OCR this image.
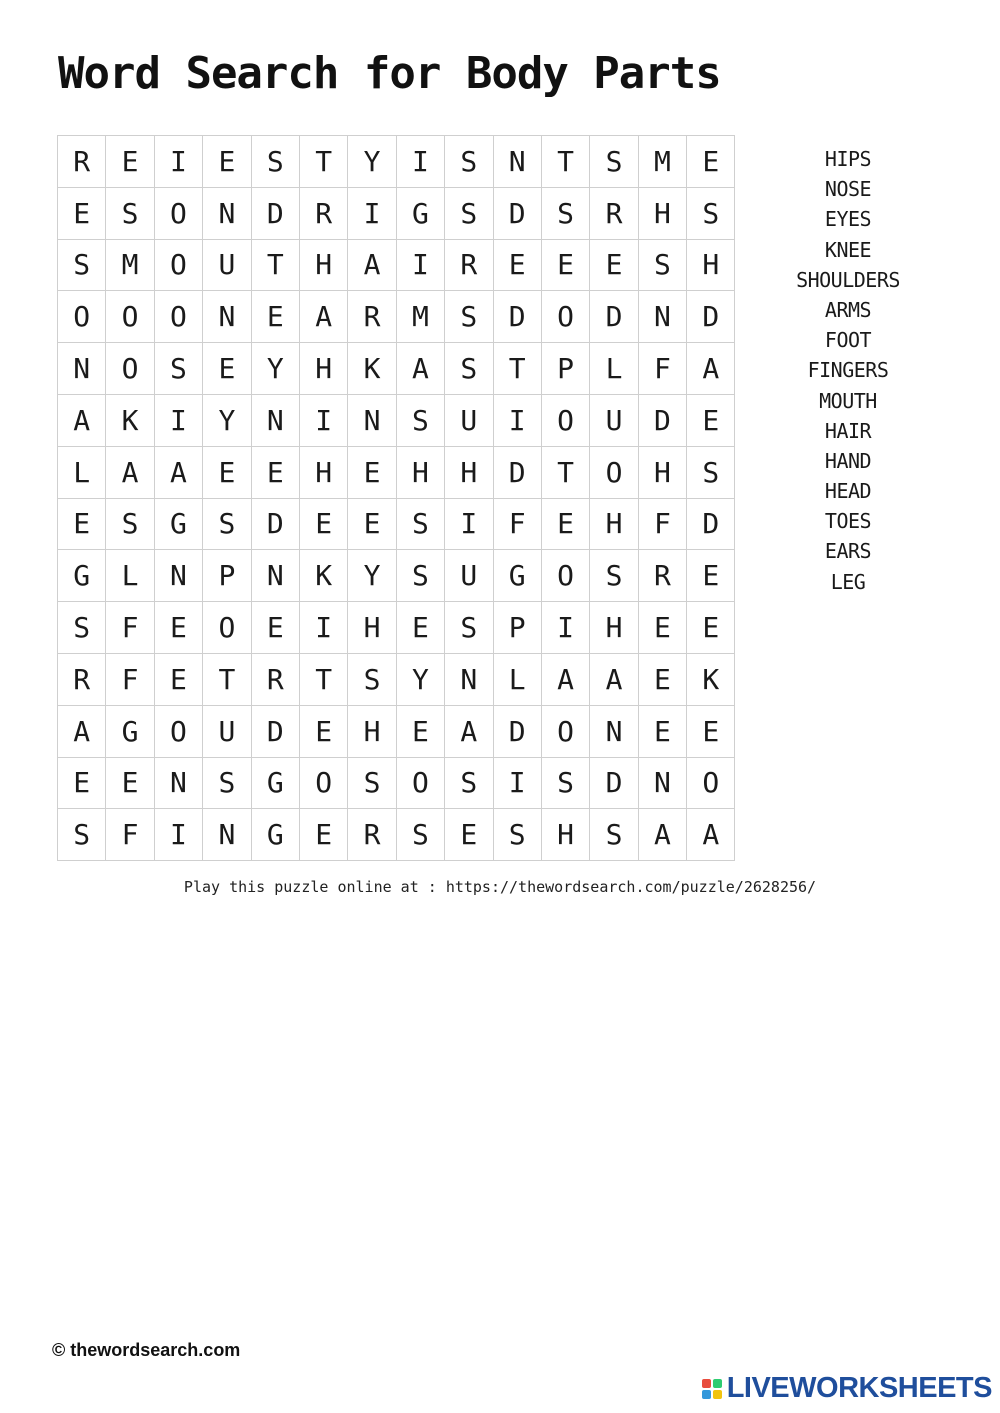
Word Search for Body Parts
R	E	I	E	S	T	Y	I	S	N	T	S	M	E
E	S	O	N	D	R	I	G	S	D	S	R	H	S
S	M	O	U	T	H	A	I	R	E	E	E	S	H
O	O	O	N	E	A	R	M	S	D	O	D	N	D
N	O	S	E	Y	H	K	A	S	T	P	L	F	A
A	K	I	Y	N	I	N	S	U	I	O	U	D	E
L	A	A	E	E	H	E	H	H	D	T	O	H	S
E	S	G	S	D	E	E	S	I	F	E	H	F	D
G	L	N	P	N	K	Y	S	U	G	O	S	R	E
S	F	E	O	E	I	H	E	S	P	I	H	E	E
R	F	E	T	R	T	S	Y	N	L	A	A	E	K
A	G	O	U	D	E	H	E	A	D	O	N	E	E
E	E	N	S	G	O	S	O	S	I	S	D	N	O
S	F	I	N	G	E	R	S	E	S	H	S	A	A
HIPS
NOSE
EYES
KNEE
SHOULDERS
ARMS
FOOT
FINGERS
MOUTH
HAIR
HAND
HEAD
TOES
EARS
LEG
Play this puzzle online at : https://thewordsearch.com/puzzle/2628256/
© thewordsearch.com
LIVEWORKSHEETS
